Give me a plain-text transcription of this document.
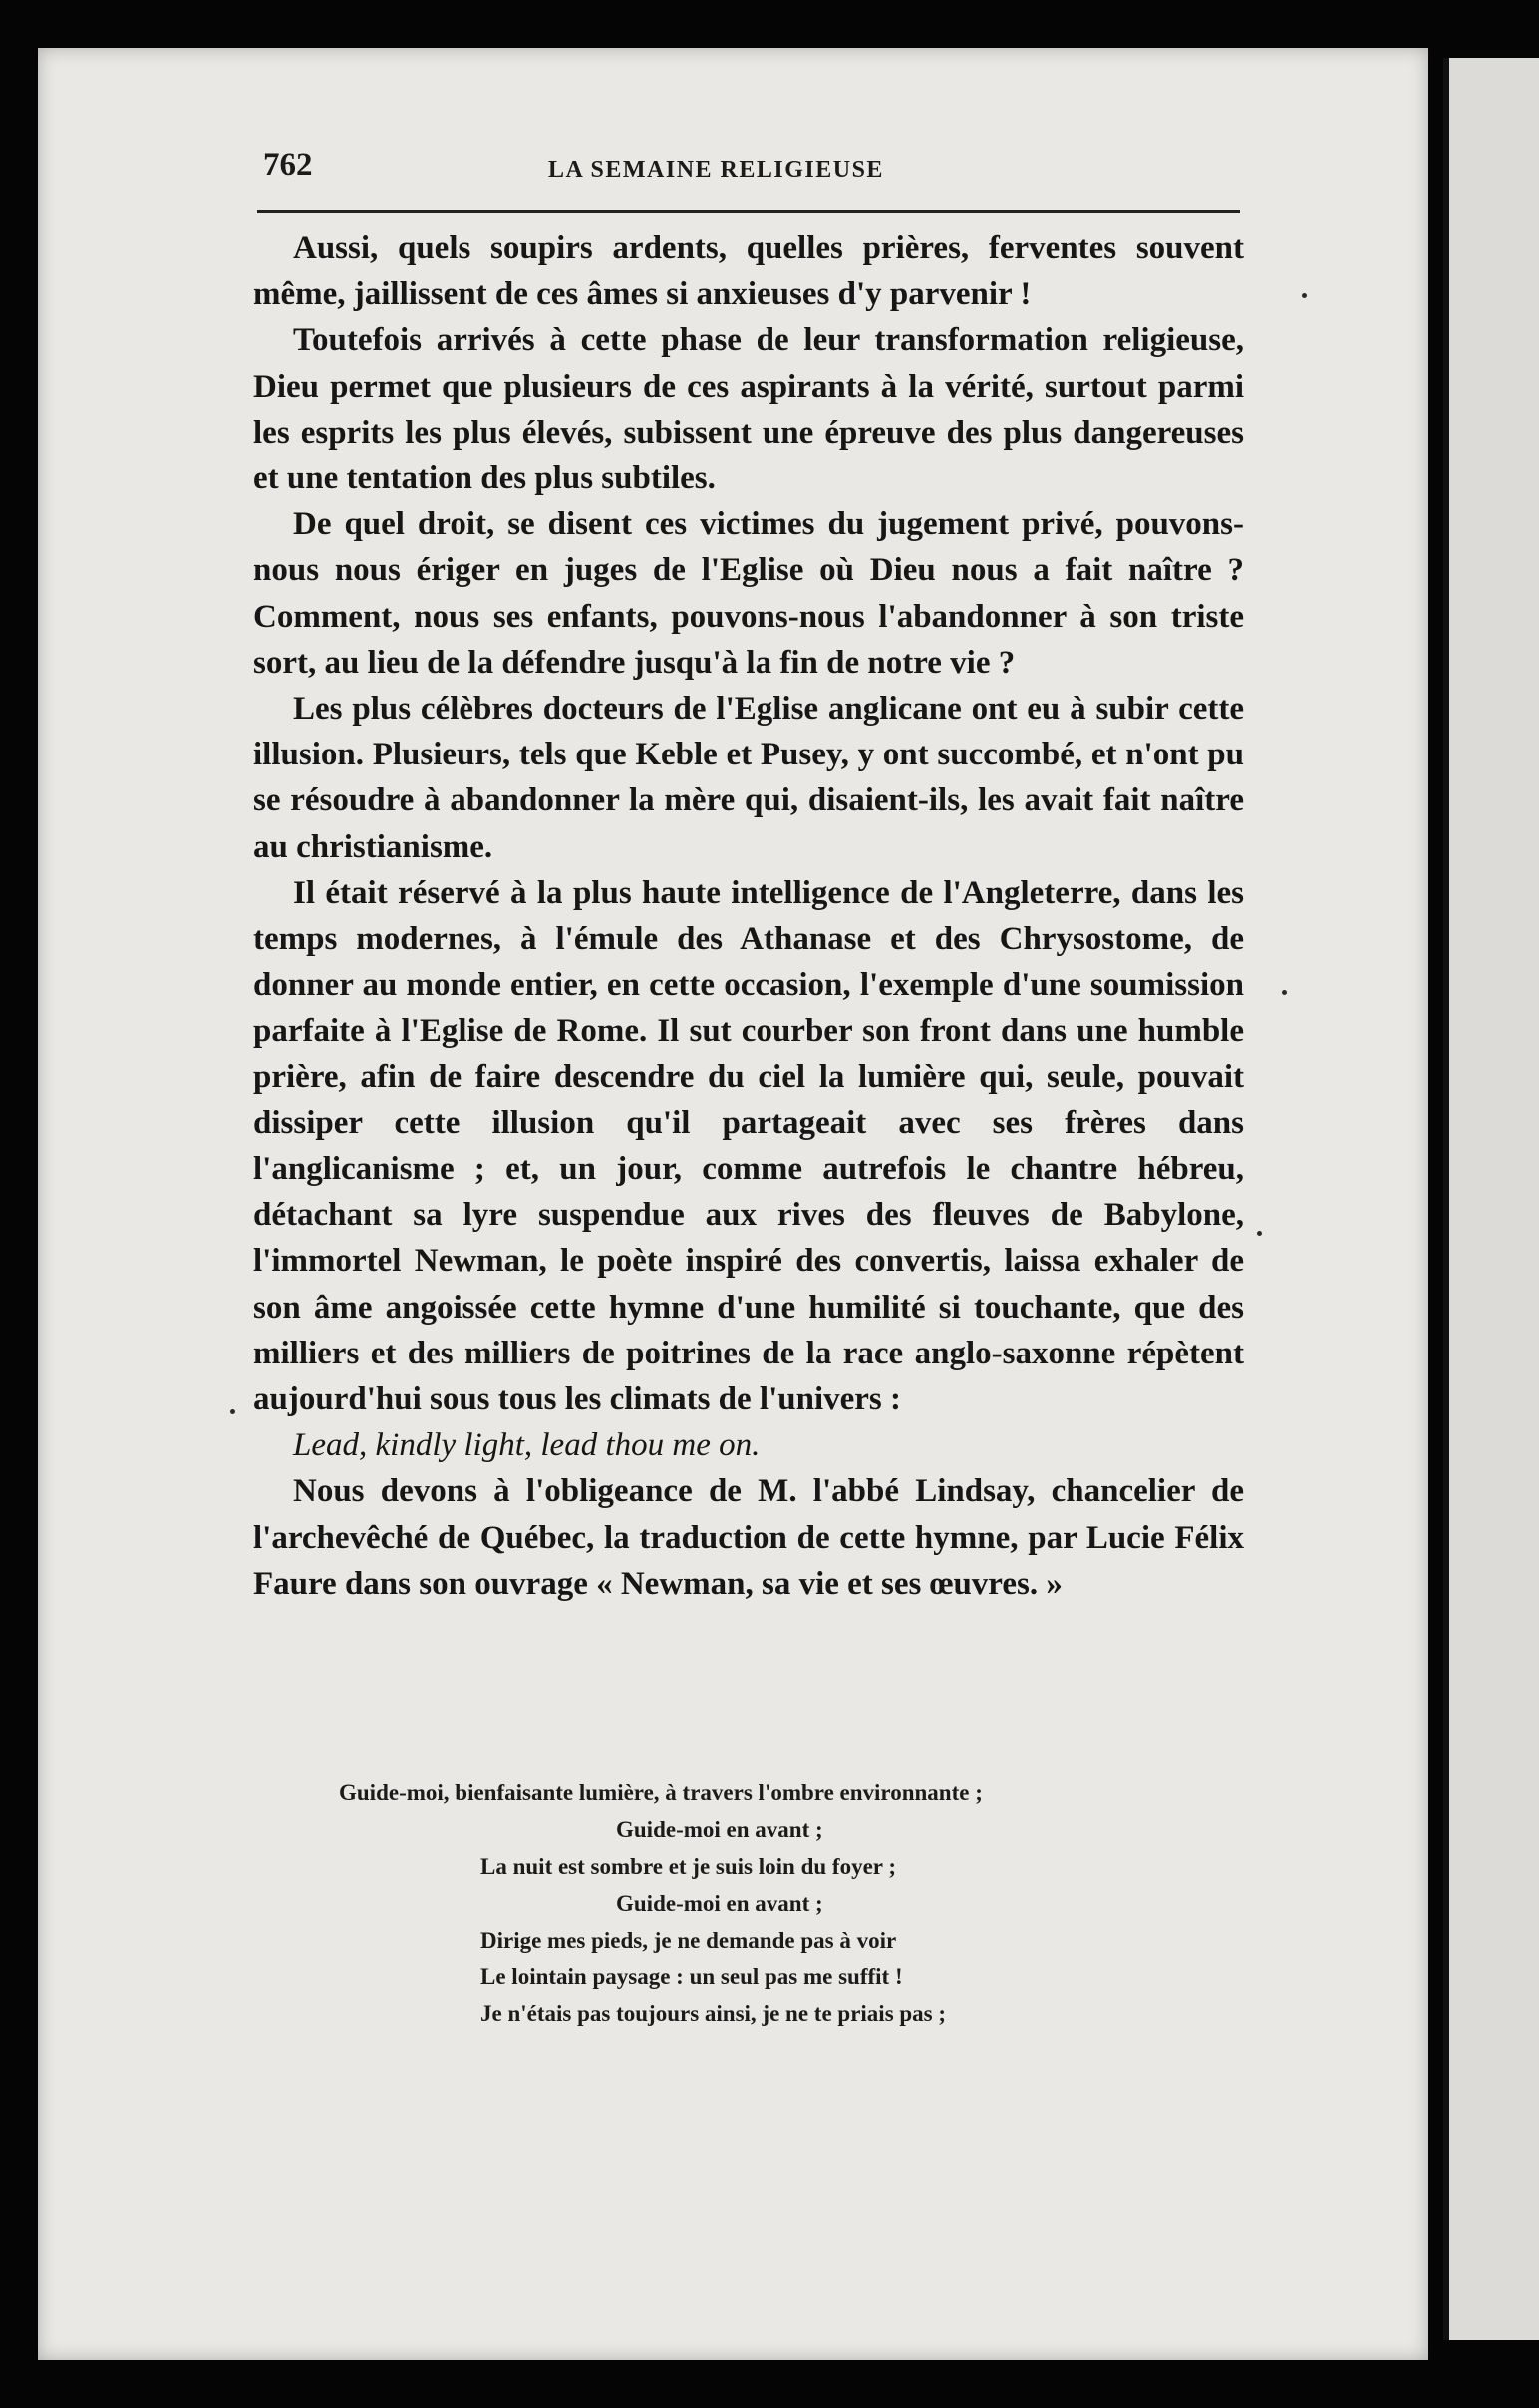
762	LA SEMAINE RELIGIEUSE

Aussi, quels soupirs ardents, quelles prières, ferventes souvent même, jaillissent de ces âmes si anxieuses d'y parvenir !

Toutefois arrivés à cette phase de leur transformation religieuse, Dieu permet que plusieurs de ces aspirants à la vérité, surtout parmi les esprits les plus élevés, subissent une épreuve des plus dangereuses et une tentation des plus subtiles.

De quel droit, se disent ces victimes du jugement privé, pouvons-nous nous ériger en juges de l'Eglise où Dieu nous a fait naître ? Comment, nous ses enfants, pouvons-nous l'abandonner à son triste sort, au lieu de la défendre jusqu'à la fin de notre vie ?

Les plus célèbres docteurs de l'Eglise anglicane ont eu à subir cette illusion. Plusieurs, tels que Keble et Pusey, y ont succombé, et n'ont pu se résoudre à abandonner la mère qui, disaient-ils, les avait fait naître au christianisme.

Il était réservé à la plus haute intelligence de l'Angleterre, dans les temps modernes, à l'émule des Athanase et des Chrysostome, de donner au monde entier, en cette occasion, l'exemple d'une soumission parfaite à l'Eglise de Rome. Il sut courber son front dans une humble prière, afin de faire descendre du ciel la lumière qui, seule, pouvait dissiper cette illusion qu'il partageait avec ses frères dans l'anglicanisme ; et, un jour, comme autrefois le chantre hébreu, détachant sa lyre suspendue aux rives des fleuves de Babylone, l'immortel Newman, le poète inspiré des convertis, laissa exhaler de son âme angoissée cette hymne d'une humilité si touchante, que des milliers et des milliers de poitrines de la race anglo-saxonne répètent aujourd'hui sous tous les climats de l'univers :

Lead, kindly light, lead thou me on.

Nous devons à l'obligeance de M. l'abbé Lindsay, chancelier de l'archevêché de Québec, la traduction de cette hymne, par Lucie Félix Faure dans son ouvrage « Newman, sa vie et ses œuvres. »

Guide-moi, bienfaisante lumière, à travers l'ombre environnante ;
Guide-moi en avant ;
La nuit est sombre et je suis loin du foyer ;
Guide-moi en avant ;
Dirige mes pieds, je ne demande pas à voir
Le lointain paysage : un seul pas me suffit !
Je n'étais pas toujours ainsi, je ne te priais pas ;
